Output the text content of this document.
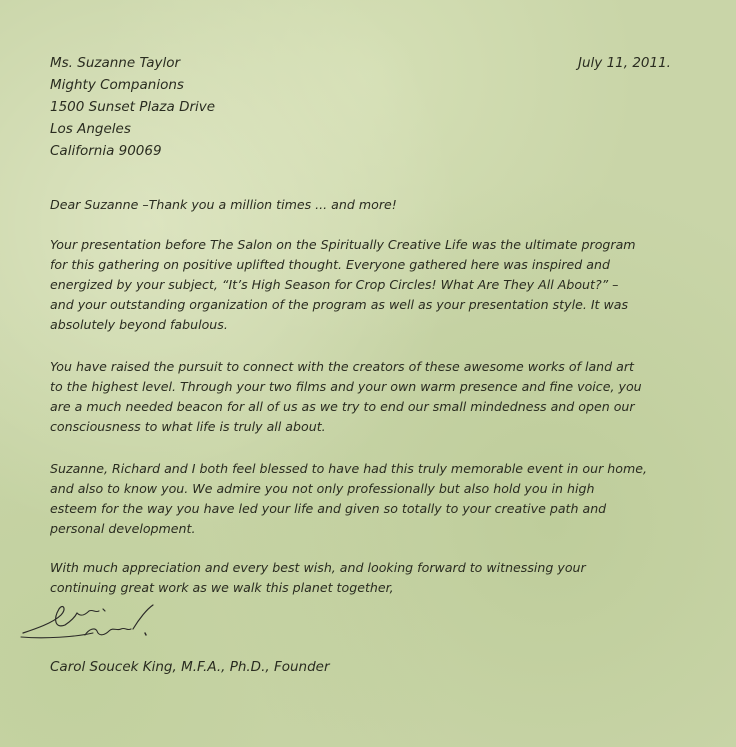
Ms. Suzanne Taylor
Mighty Companions
1500 Sunset Plaza Drive
Los Angeles
California 90069
July 11, 2011.
Dear Suzanne –Thank you a million times ... and more!
Your presentation before The Salon on the Spiritually Creative Life was the ultimate program
for this gathering on positive uplifted thought. Everyone gathered here was inspired and
energized by your subject, “It’s High Season for Crop Circles! What Are They All About?” –
and your outstanding organization of the program as well as your presentation style. It was
absolutely beyond fabulous.
You have raised the pursuit to connect with the creators of these awesome works of land art
to the highest level. Through your two films and your own warm presence and fine voice, you
are a much needed beacon for all of us as we try to end our small mindedness and open our
consciousness to what life is truly all about.
Suzanne, Richard and I both feel blessed to have had this truly memorable event in our home,
and also to know you. We admire you not only professionally but also hold you in high
esteem for the way you have led your life and given so totally to your creative path and
personal development.
With much appreciation and every best wish, and looking forward to witnessing your
continuing great work as we walk this planet together,
Carol Soucek King, M.F.A., Ph.D., Founder
